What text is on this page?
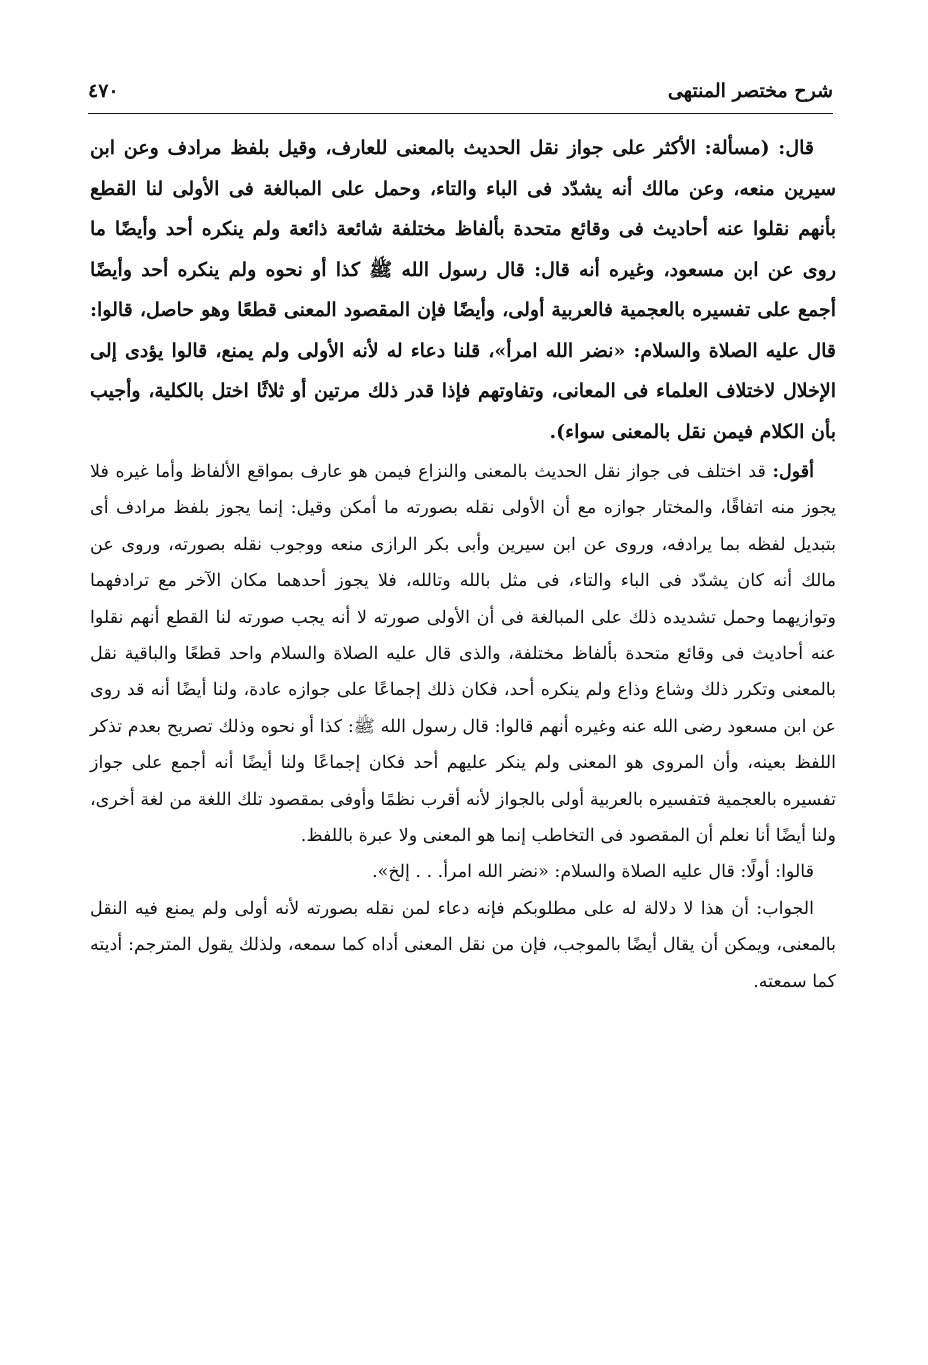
شرح مختصر المنتهى
٤٧٠

قال: (مسألة: الأكثر على جواز نقل الحديث بالمعنى للعارف، وقيل بلفظ مرادف وعن ابن سيرين منعه، وعن مالك أنه يشدّد فى الباء والتاء، وحمل على المبالغة فى الأولى لنا القطع بأنهم نقلوا عنه أحاديث فى وقائع متحدة بألفاظ مختلفة شائعة ذائعة ولم ينكره أحد وأيضًا ما روى عن ابن مسعود، وغيره أنه قال: قال رسول الله ﷺ كذا أو نحوه ولم ينكره أحد وأيضًا أجمع على تفسيره بالعجمية فالعربية أولى، وأيضًا فإن المقصود المعنى قطعًا وهو حاصل، قالوا: قال عليه الصلاة والسلام: «نضر الله امرأ»، قلنا دعاء له لأنه الأولى ولم يمنع، قالوا يؤدى إلى الإخلال لاختلاف العلماء فى المعانى، وتفاوتهم فإذا قدر ذلك مرتين أو ثلاثًا اختل بالكلية، وأجيب بأن الكلام فيمن نقل بالمعنى سواء).

أقول: قد اختلف فى جواز نقل الحديث بالمعنى والنزاع فيمن هو عارف بمواقع الألفاظ وأما غيره فلا يجوز منه اتفاقًا، والمختار جوازه مع أن الأولى نقله بصورته ما أمكن وقيل: إنما يجوز بلفظ مرادف أى بتبديل لفظه بما يرادفه، وروى عن ابن سيرين وأبى بكر الرازى منعه ووجوب نقله بصورته، وروى عن مالك أنه كان يشدّد فى الباء والتاء، فى مثل بالله وتالله، فلا يجوز أحدهما مكان الآخر مع ترادفهما وتوازيهما وحمل تشديده ذلك على المبالغة فى أن الأولى صورته لا أنه يجب صورته لنا القطع أنهم نقلوا عنه أحاديث فى وقائع متحدة بألفاظ مختلفة، والذى قال عليه الصلاة والسلام واحد قطعًا والباقية نقل بالمعنى وتكرر ذلك وشاع وذاع ولم ينكره أحد، فكان ذلك إجماعًا على جوازه عادة، ولنا أيضًا أنه قد روى عن ابن مسعود رضى الله عنه وغيره أنهم قالوا: قال رسول الله ﷺ: كذا أو نحوه وذلك تصريح بعدم تذكر اللفظ بعينه، وأن المروى هو المعنى ولم ينكر عليهم أحد فكان إجماعًا ولنا أيضًا أنه أجمع على جواز تفسيره بالعجمية فتفسيره بالعربية أولى بالجواز لأنه أقرب نظمًا وأوفى بمقصود تلك اللغة من لغة أخرى، ولنا أيضًا أنا نعلم أن المقصود فى التخاطب إنما هو المعنى ولا عبرة باللفظ.

قالوا: أولًا: قال عليه الصلاة والسلام: «نضر الله امرأ. . . إلخ».

الجواب: أن هذا لا دلالة له على مطلوبكم فإنه دعاء لمن نقله بصورته لأنه أولى ولم يمنع فيه النقل بالمعنى، ويمكن أن يقال أيضًا بالموجب، فإن من نقل المعنى أداه كما سمعه، ولذلك يقول المترجم: أديته كما سمعته.
